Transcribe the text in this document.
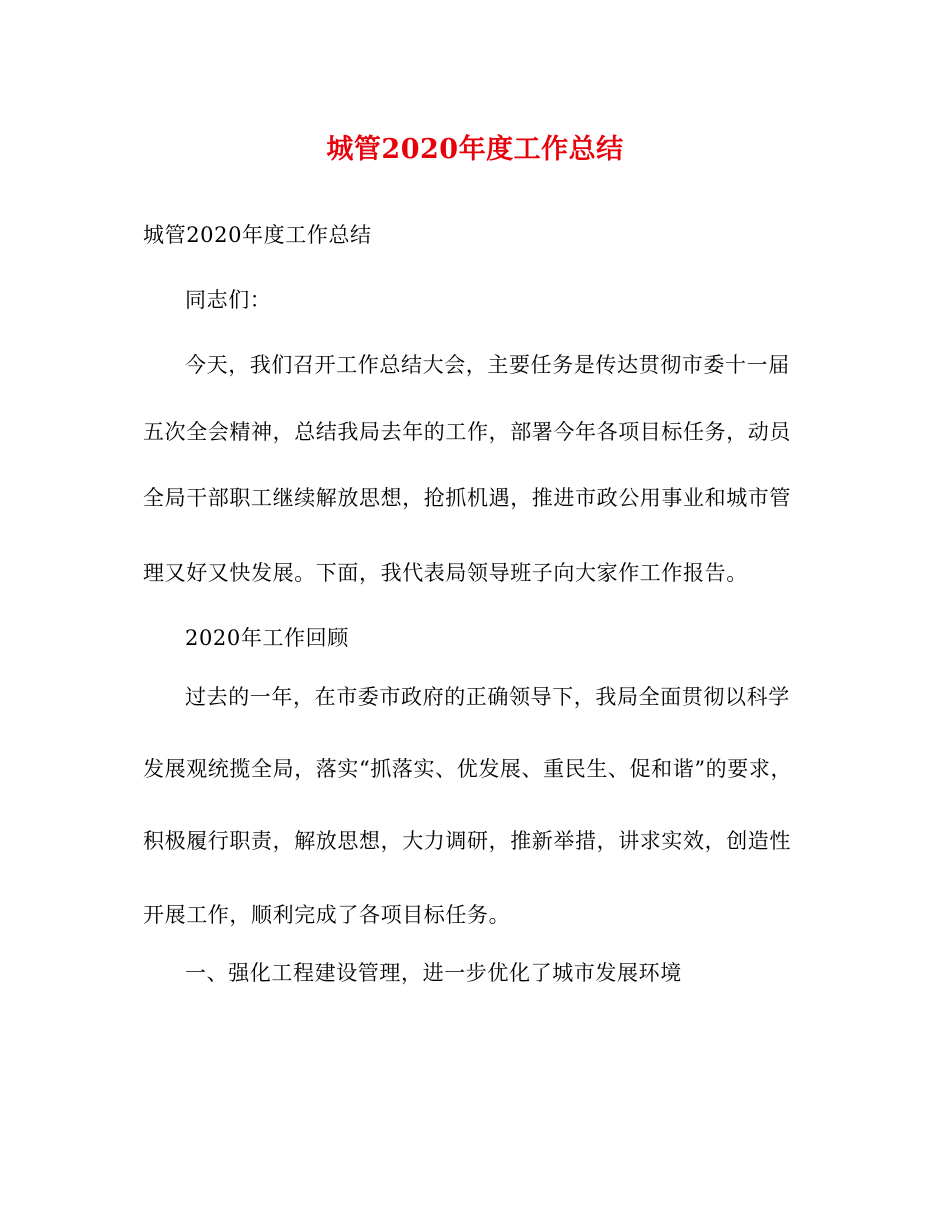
城管2020年度工作总结
城管2020年度工作总结
同志们：
今天，我们召开工作总结大会，主要任务是传达贯彻市委十一届
五次全会精神，总结我局去年的工作，部署今年各项目标任务，动员
全局干部职工继续解放思想，抢抓机遇，推进市政公用事业和城市管
理又好又快发展。下面，我代表局领导班子向大家作工作报告。
2020年工作回顾
过去的一年，在市委市政府的正确领导下，我局全面贯彻以科学
发展观统揽全局，落实“抓落实、优发展、重民生、促和谐”的要求，
积极履行职责，解放思想，大力调研，推新举措，讲求实效，创造性
开展工作，顺利完成了各项目标任务。
一、强化工程建设管理，进一步优化了城市发展环境
